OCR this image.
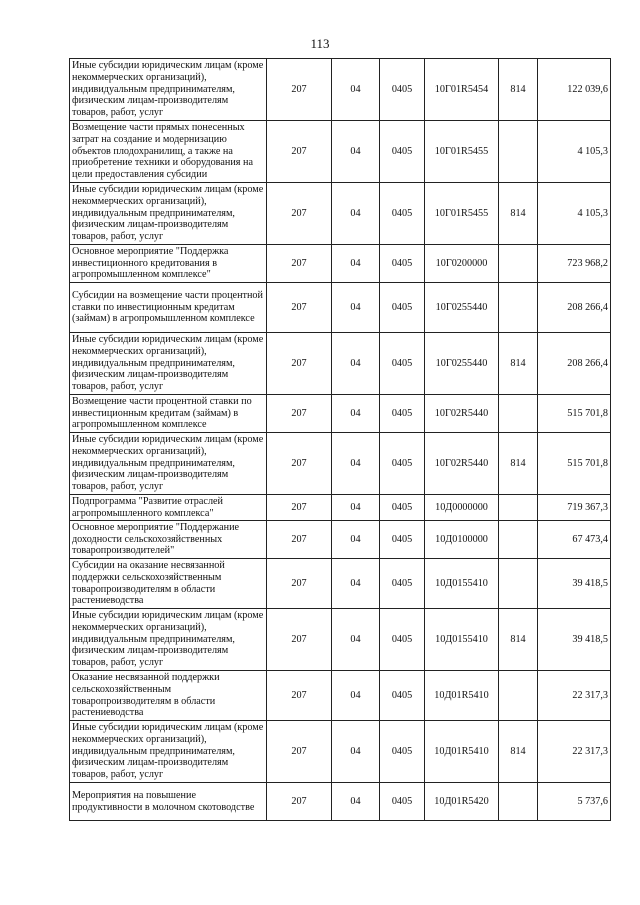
113
Иные субсидии юридическим лицам (кроме некоммерческих организаций), индивидуальным предпринимателям, физическим лицам-производителям товаров, работ, услуг	207	04	0405	10Г01R5454	814	122 039,6
Возмещение части прямых понесенных затрат на создание и модернизацию объектов плодохранилищ, а также на приобретение техники и оборудования на цели предоставления субсидии	207	04	0405	10Г01R5455		4 105,3
Иные субсидии юридическим лицам (кроме некоммерческих организаций), индивидуальным предпринимателям, физическим лицам-производителям товаров, работ, услуг	207	04	0405	10Г01R5455	814	4 105,3
Основное мероприятие "Поддержка инвестиционного кредитования в агропромышленном комплексе"	207	04	0405	10Г0200000		723 968,2
Субсидии на возмещение части процентной ставки по инвестиционным кредитам (займам) в агропромышленном комплексе	207	04	0405	10Г0255440		208 266,4
Иные субсидии юридическим лицам (кроме некоммерческих организаций), индивидуальным предпринимателям, физическим лицам-производителям товаров, работ, услуг	207	04	0405	10Г0255440	814	208 266,4
Возмещение части процентной ставки по инвестиционным кредитам (займам) в агропромышленном комплексе	207	04	0405	10Г02R5440		515 701,8
Иные субсидии юридическим лицам (кроме некоммерческих организаций), индивидуальным предпринимателям, физическим лицам-производителям товаров, работ, услуг	207	04	0405	10Г02R5440	814	515 701,8
Подпрограмма "Развитие отраслей агропромышленного комплекса"	207	04	0405	10Д0000000		719 367,3
Основное мероприятие "Поддержание доходности сельскохозяйственных товаропроизводителей"	207	04	0405	10Д0100000		67 473,4
Субсидии на оказание несвязанной поддержки сельскохозяйственным товаропроизводителям в области растениеводства	207	04	0405	10Д0155410		39 418,5
Иные субсидии юридическим лицам (кроме некоммерческих организаций), индивидуальным предпринимателям, физическим лицам-производителям товаров, работ, услуг	207	04	0405	10Д0155410	814	39 418,5
Оказание несвязанной поддержки сельскохозяйственным товаропроизводителям в области растениеводства	207	04	0405	10Д01R5410		22 317,3
Иные субсидии юридическим лицам (кроме некоммерческих организаций), индивидуальным предпринимателям, физическим лицам-производителям товаров, работ, услуг	207	04	0405	10Д01R5410	814	22 317,3
Мероприятия на повышение продуктивности в молочном скотоводстве	207	04	0405	10Д01R5420		5 737,6
